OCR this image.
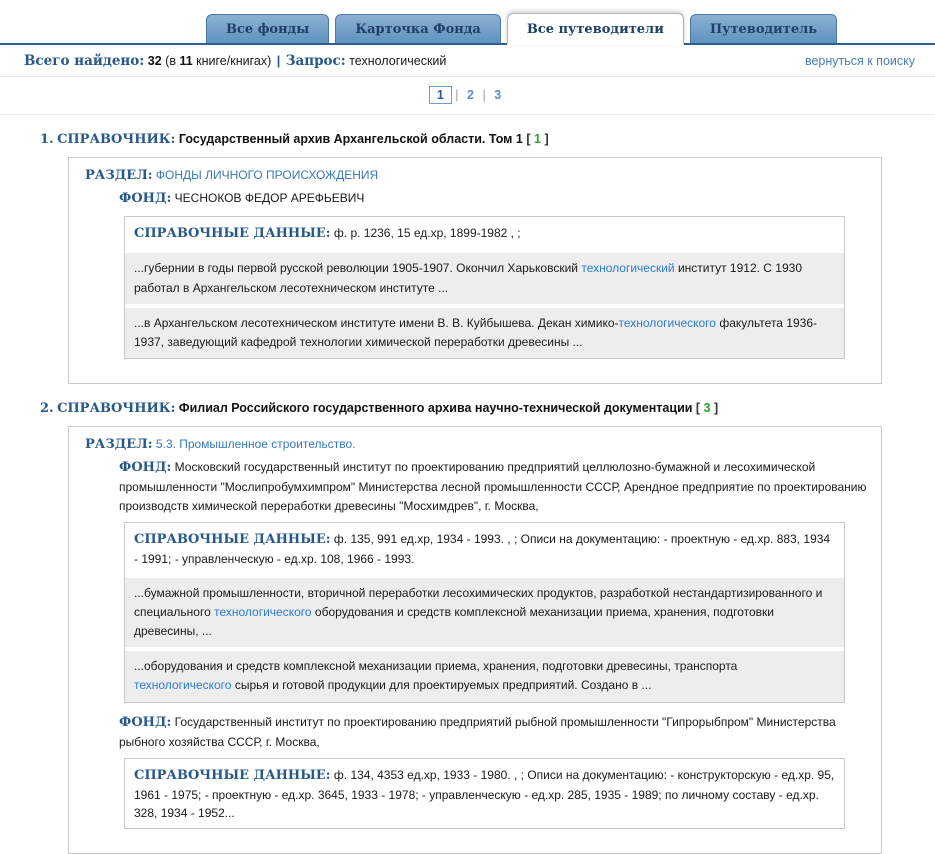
Все фонды	Карточка Фонда	Все путеводители	Путеводитель
Всего найдено: 32 (в 11 книге/книгах) | Запрос: технологический	вернуться к поиску
1 | 2 | 3
1. СПРАВОЧНИК: Государственный архив Архангельской области. Том 1 [ 1 ]
РАЗДЕЛ: ФОНДЫ ЛИЧНОГО ПРОИСХОЖДЕНИЯ
ФОНД: ЧЕСНОКОВ ФЕДОР АРЕФЬЕВИЧ
СПРАВОЧНЫЕ ДАННЫЕ: ф. р. 1236, 15 ед.хр, 1899-1982 , ;
...губернии в годы первой русской революции 1905-1907. Окончил Харьковский технологический институт 1912. С 1930 работал в Архангельском лесотехническом институте ...
...в Архангельском лесотехническом институте имени В. В. Куйбышева. Декан химико-технологического факультета 1936-1937, заведующий кафедрой технологии химической переработки древесины ...
2. СПРАВОЧНИК: Филиал Российского государственного архива научно-технической документации [ 3 ]
РАЗДЕЛ: 5.3. Промышленное строительство.
ФОНД: Московский государственный институт по проектированию предприятий целлюлозно-бумажной и лесохимической промышленности "Мослипробумхимпром" Министерства лесной промышленности СССР, Арендное предприятие по проектированию производств химической переработки древесины "Мосхимдрев", г. Москва,
СПРАВОЧНЫЕ ДАННЫЕ: ф. 135, 991 ед.хр, 1934 - 1993. , ; Описи на документацию: - проектную - ед.хр. 883, 1934 - 1991; - управленческую - ед.хр. 108, 1966 - 1993.
...бумажной промышленности, вторичной переработки лесохимических продуктов, разработкой нестандартизированного и специального технологического оборудования и средств комплексной механизации приема, хранения, подготовки древесины, ...
...оборудования и средств комплексной механизации приема, хранения, подготовки древесины, транспорта технологического сырья и готовой продукции для проектируемых предприятий. Создано в ...
ФОНД: Государственный институт по проектированию предприятий рыбной промышленности "Гипрорыбпром" Министерства рыбного хозяйства СССР, г. Москва,
СПРАВОЧНЫЕ ДАННЫЕ: ф. 134, 4353 ед.хр, 1933 - 1980. , ; Описи на документацию: - конструкторскую - ед.хр. 95, 1961 - 1975; - проектную - ед.хр. 3645, 1933 - 1978; - управленческую - ед.хр. 285, 1935 - 1989; по личному составу - ед.хр. 328, 1934 - 1952...
